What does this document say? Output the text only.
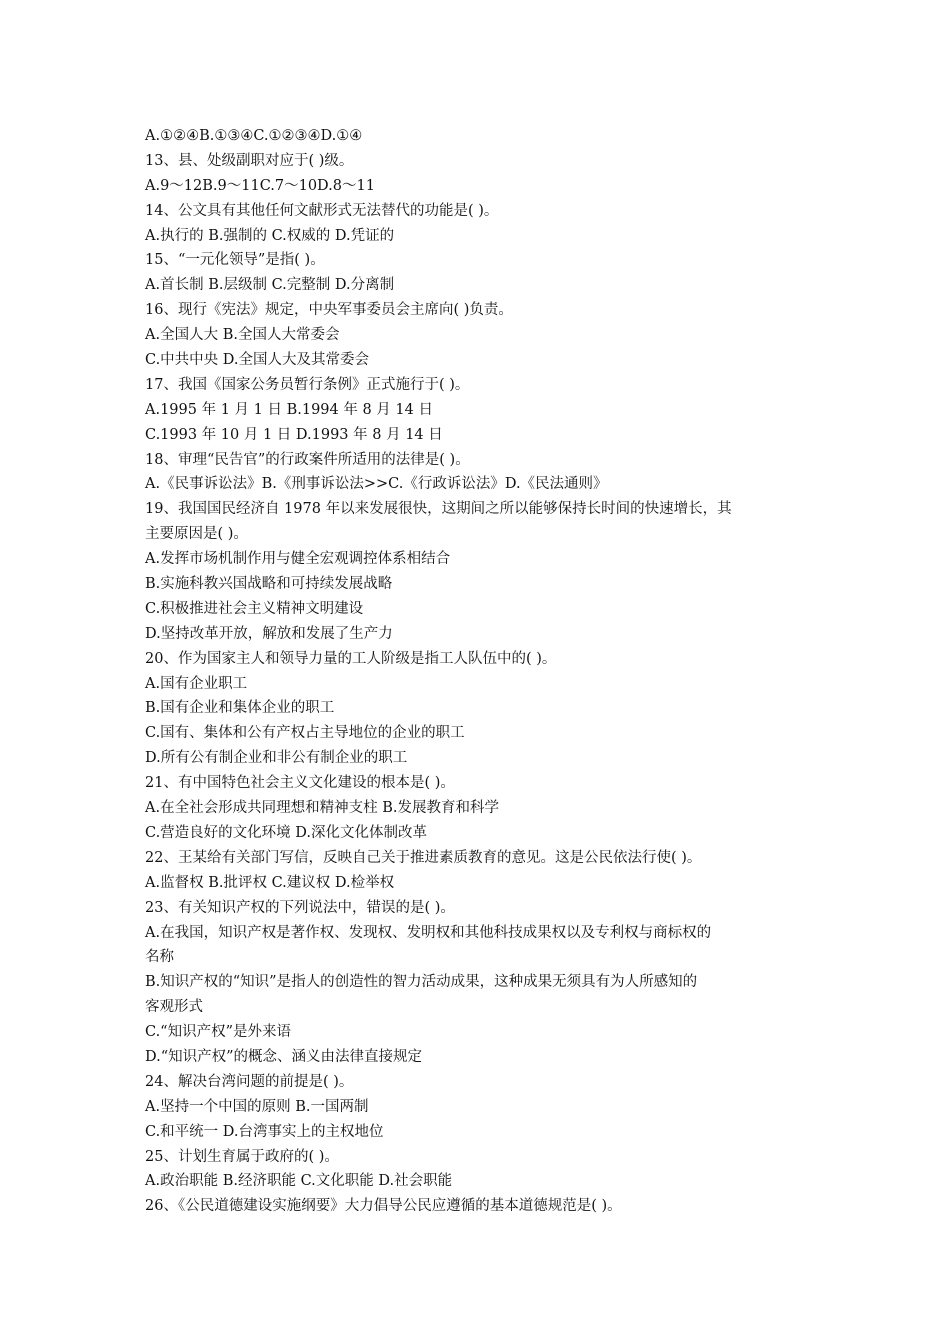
A.①②④B.①③④C.①②③④D.①④
13、县、处级副职对应于( )级。
A.9～12B.9～11C.7～10D.8～11
14、公文具有其他任何文献形式无法替代的功能是( )。
A.执行的 B.强制的 C.权威的 D.凭证的
15、“一元化领导”是指( )。
A.首长制 B.层级制 C.完整制 D.分离制
16、现行《宪法》规定，中央军事委员会主席向( )负责。
A.全国人大 B.全国人大常委会
C.中共中央 D.全国人大及其常委会
17、我国《国家公务员暂行条例》正式施行于( )。
A.1995 年 1 月 1 日 B.1994 年 8 月 14 日
C.1993 年 10 月 1 日 D.1993 年 8 月 14 日
18、审理“民告官”的行政案件所适用的法律是( )。
A.《民事诉讼法》B.《刑事诉讼法>>C.《行政诉讼法》D.《民法通则》
19、我国国民经济自 1978 年以来发展很快，这期间之所以能够保持长时间的快速增长，其
主要原因是( )。
A.发挥市场机制作用与健全宏观调控体系相结合
B.实施科教兴国战略和可持续发展战略
C.积极推进社会主义精神文明建设
D.坚持改革开放，解放和发展了生产力
20、作为国家主人和领导力量的工人阶级是指工人队伍中的( )。
A.国有企业职工
B.国有企业和集体企业的职工
C.国有、集体和公有产权占主导地位的企业的职工
D.所有公有制企业和非公有制企业的职工
21、有中国特色社会主义文化建设的根本是( )。
A.在全社会形成共同理想和精神支柱 B.发展教育和科学
C.营造良好的文化环境 D.深化文化体制改革
22、王某给有关部门写信，反映自己关于推进素质教育的意见。这是公民依法行使( )。
A.监督权 B.批评权 C.建议权 D.检举权
23、有关知识产权的下列说法中，错误的是( )。
A.在我国，知识产权是著作权、发现权、发明权和其他科技成果权以及专利权与商标权的
名称
B.知识产权的“知识”是指人的创造性的智力活动成果，这种成果无须具有为人所感知的
客观形式
C.“知识产权”是外来语
D.“知识产权”的概念、涵义由法律直接规定
24、解决台湾问题的前提是( )。
A.坚持一个中国的原则 B.一国两制
C.和平统一 D.台湾事实上的主权地位
25、计划生育属于政府的( )。
A.政治职能 B.经济职能 C.文化职能 D.社会职能
26、《公民道德建设实施纲要》大力倡导公民应遵循的基本道德规范是( )。
